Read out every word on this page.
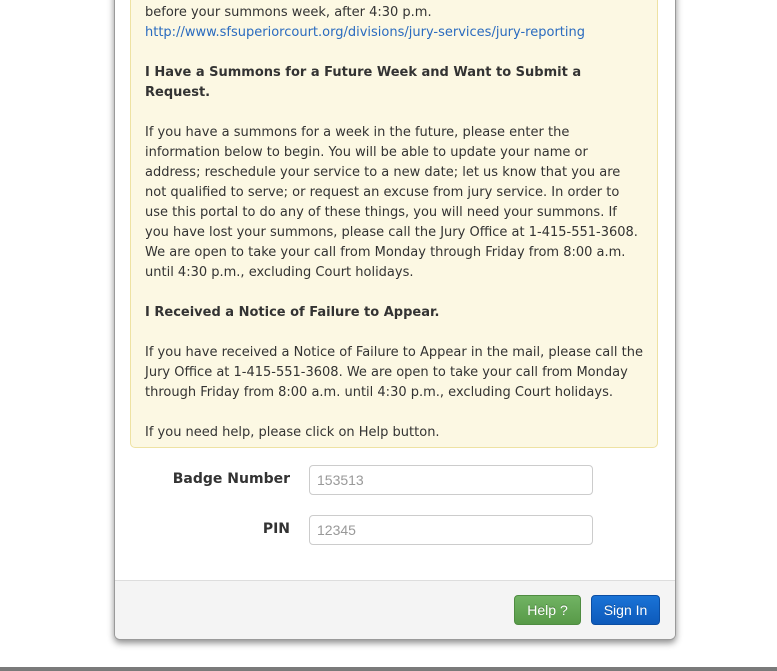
before your summons week, after 4:30 p.m.

http://www.sfsuperiorcourt.org/divisions/jury-services/jury-reporting

I Have a Summons for a Future Week and Want to Submit a Request.

If you have a summons for a week in the future, please enter the information below to begin. You will be able to update your name or address; reschedule your service to a new date; let us know that you are not qualified to serve; or request an excuse from jury service. In order to use this portal to do any of these things, you will need your summons. If you have lost your summons, please call the Jury Office at 1-415-551-3608. We are open to take your call from Monday through Friday from 8:00 a.m. until 4:30 p.m., excluding Court holidays.

I Received a Notice of Failure to Appear.

If you have received a Notice of Failure to Appear in the mail, please call the Jury Office at 1-415-551-3608. We are open to take your call from Monday through Friday from 8:00 a.m. until 4:30 p.m., excluding Court holidays.

If you need help, please click on Help button.

Badge Number
153513
PIN
12345
Help ?	Sign In
